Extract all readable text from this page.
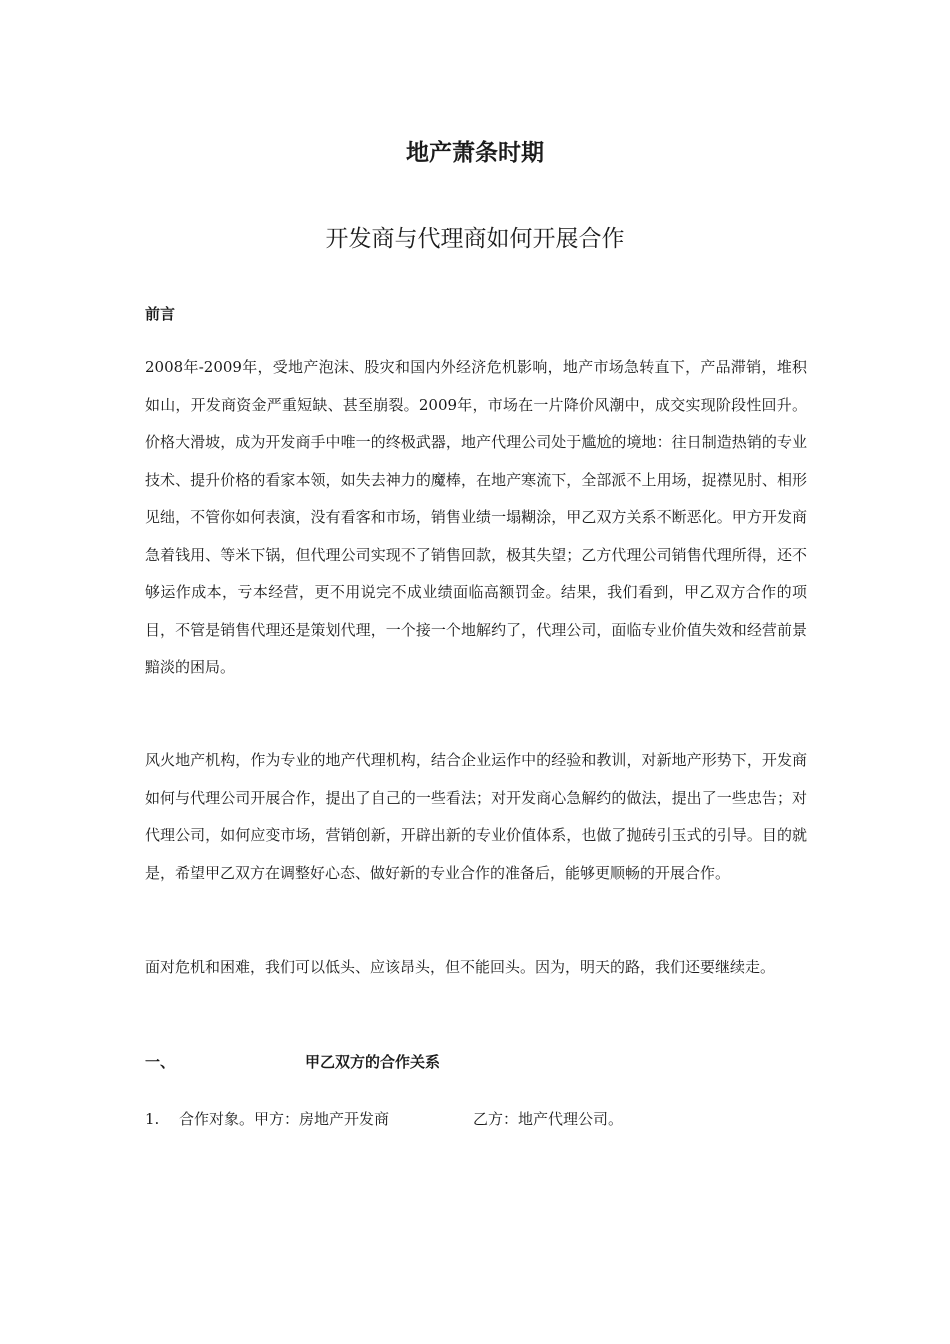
地产萧条时期
开发商与代理商如何开展合作

前言

2008年-2009年，受地产泡沫、股灾和国内外经济危机影响，地产市场急转直下，产品滞销，堆积如山，开发商资金严重短缺、甚至崩裂。2009年，市场在一片降价风潮中，成交实现阶段性回升。价格大滑坡，成为开发商手中唯一的终极武器，地产代理公司处于尴尬的境地：往日制造热销的专业技术、提升价格的看家本领，如失去神力的魔棒，在地产寒流下，全部派不上用场，捉襟见肘、相形见绌，不管你如何表演，没有看客和市场，销售业绩一塌糊涂，甲乙双方关系不断恶化。甲方开发商急着钱用、等米下锅，但代理公司实现不了销售回款，极其失望；乙方代理公司销售代理所得，还不够运作成本，亏本经营，更不用说完不成业绩面临高额罚金。结果，我们看到，甲乙双方合作的项目，不管是销售代理还是策划代理，一个接一个地解约了，代理公司，面临专业价值失效和经营前景黯淡的困局。

风火地产机构，作为专业的地产代理机构，结合企业运作中的经验和教训，对新地产形势下，开发商如何与代理公司开展合作，提出了自己的一些看法；对开发商心急解约的做法，提出了一些忠告；对代理公司，如何应变市场，营销创新，开辟出新的专业价值体系，也做了抛砖引玉式的引导。目的就是，希望甲乙双方在调整好心态、做好新的专业合作的准备后，能够更顺畅的开展合作。

面对危机和困难，我们可以低头、应该昂头，但不能回头。因为，明天的路，我们还要继续走。

一、	甲乙双方的合作关系
1.	合作对象。甲方：房地产开发商	乙方：地产代理公司。
